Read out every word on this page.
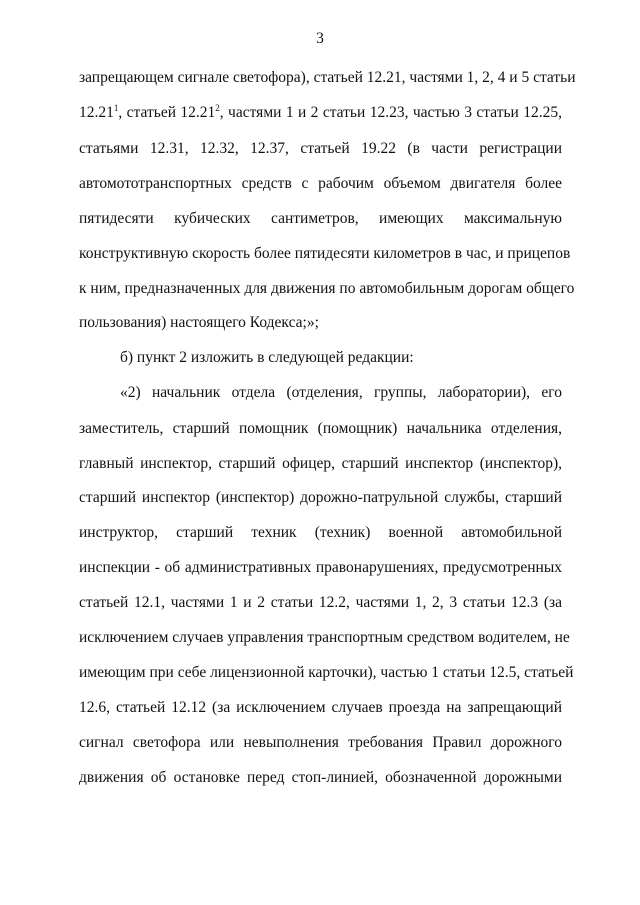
3
запрещающем сигнале светофора), статьей 12.21, частями 1, 2, 4 и 5 статьи
12.21$^1$, статьей 12.21$^2$, частями 1 и 2 статьи 12.23, частью 3 статьи 12.25,
статьями 12.31, 12.32, 12.37, статьей 19.22 (в части регистрации
автомототранспортных средств с рабочим объемом двигателя более
пятидесяти кубических сантиметров, имеющих максимальную
конструктивную скорость более пятидесяти километров в час, и прицепов
к ним, предназначенных для движения по автомобильным дорогам общего
пользования) настоящего Кодекса;»;
б) пункт 2 изложить в следующей редакции:
«2) начальник отдела (отделения, группы, лаборатории), его
заместитель, старший помощник (помощник) начальника отделения,
главный инспектор, старший офицер, старший инспектор (инспектор),
старший инспектор (инспектор) дорожно-патрульной службы, старший
инструктор, старший техник (техник) военной автомобильной
инспекции - об административных правонарушениях, предусмотренных
статьей 12.1, частями 1 и 2 статьи 12.2, частями 1, 2, 3 статьи 12.3 (за
исключением случаев управления транспортным средством водителем, не
имеющим при себе лицензионной карточки), частью 1 статьи 12.5, статьей
12.6, статьей 12.12 (за исключением случаев проезда на запрещающий
сигнал светофора или невыполнения требования Правил дорожного
движения об остановке перед стоп-линией, обозначенной дорожными
